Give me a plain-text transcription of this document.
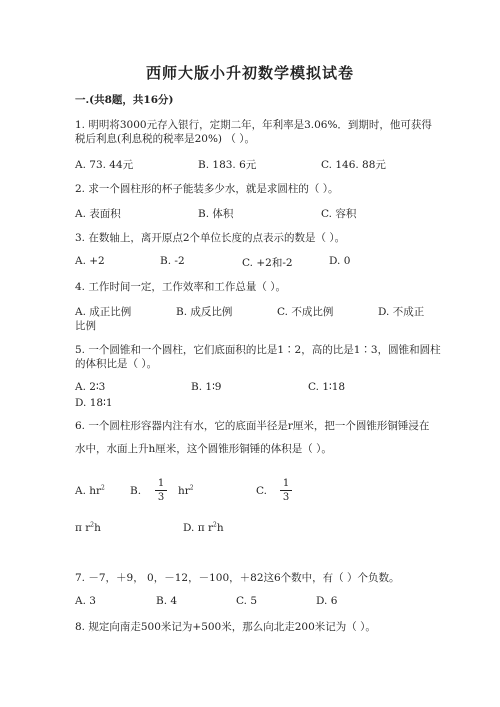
西师大版小升初数学模拟试卷
一.(共8题，共16分)
1. 明明将3000元存入银行，定期二年，年利率是3.06%．到期时，他可获得
税后利息(利息税的税率是20%) （ ）。
A. 73. 44元	B. 183. 6元	C. 146. 88元
2. 求一个圆柱形的杯子能装多少水，就是求圆柱的（ ）。
A. 表面积	B. 体积	C. 容积
3. 在数轴上，离开原点2个单位长度的点表示的数是（ ）。
A. +2	B. -2	C. +2和-2	D. 0
4. 工作时间一定，工作效率和工作总量（ ）。
A. 成正比例	B. 成反比例	C. 不成比例	D. 不成正
比例
5. 一个圆锥和一个圆柱，它们底面积的比是1∶2，高的比是1∶3，圆锥和圆柱
的体积比是（ ）。
A. 2∶3	B. 1∶9	C. 1∶18
D. 18∶1
6. 一个圆柱形容器内注有水，它的底面半径是r厘米，把一个圆锥形铜锤浸在
水中，水面上升h厘米，这个圆锥形铜锤的体积是（ ）。
A. $hr^2$ B.
1
3
$hr^2$	C.
1
3
π $r^2h$	D. π $r^2h$
7. －7，＋9， 0，－12，－100，＋82这6个数中，有（ ）个负数。
A. 3	B. 4	C. 5	D. 6
8. 规定向南走500米记为+500米，那么向北走200米记为（ ）。
